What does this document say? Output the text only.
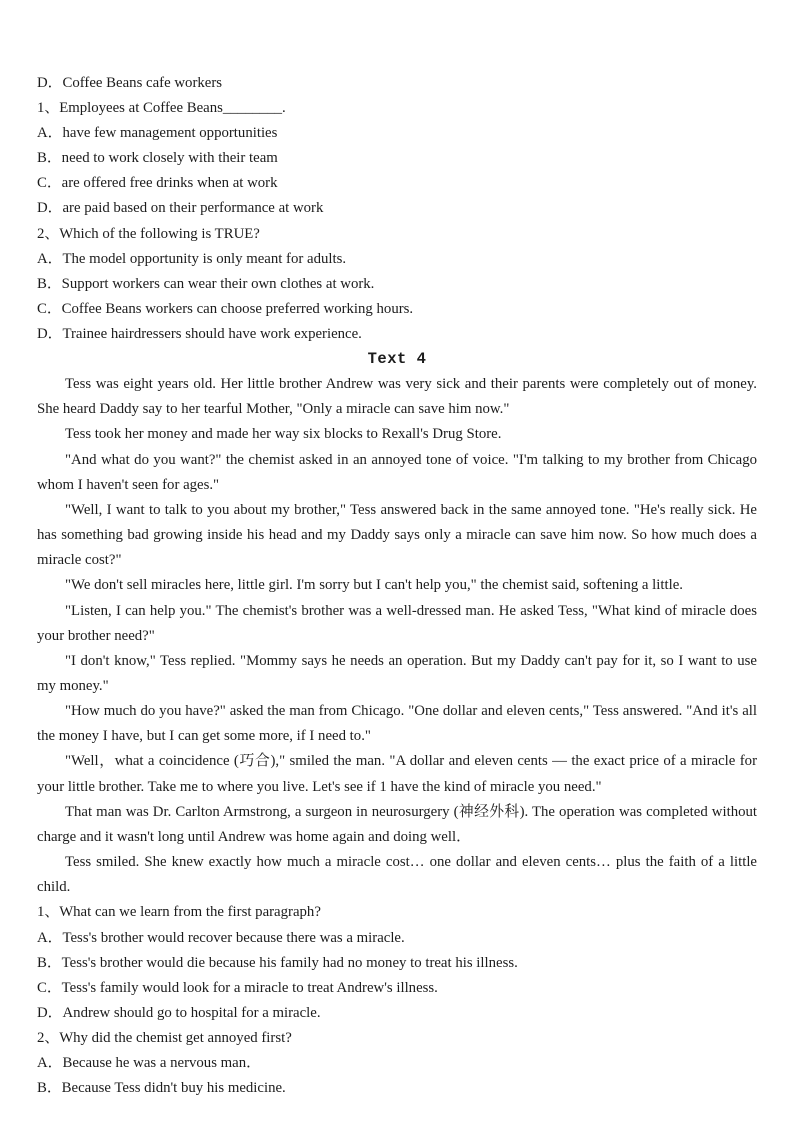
D．Coffee Beans cafe workers
1、Employees at Coffee Beans________.
A．have few management opportunities
B．need to work closely with their team
C．are offered free drinks when at work
D．are paid based on their performance at work
2、Which of the following is TRUE?
A．The model opportunity is only meant for adults.
B．Support workers can wear their own clothes at work.
C．Coffee Beans workers can choose preferred working hours.
D．Trainee hairdressers should have work experience.
Text 4

Tess was eight years old. Her little brother Andrew was very sick and their parents were completely out of money. She heard Daddy say to her tearful Mother, "Only a miracle can save him now."

Tess took her money and made her way six blocks to Rexall's Drug Store.

"And what do you want?" the chemist asked in an annoyed tone of voice. "I'm talking to my brother from Chicago whom I haven't seen for ages."

"Well, I want to talk to you about my brother," Tess answered back in the same annoyed tone. "He's really sick. He has something bad growing inside his head and my Daddy says only a miracle can save him now. So how much does a miracle cost?"

"We don't sell miracles here, little girl. I'm sorry but I can't help you," the chemist said, softening a little.

"Listen, I can help you." The chemist's brother was a well-dressed man. He asked Tess, "What kind of miracle does your brother need?"

"I don't know," Tess replied. "Mommy says he needs an operation. But my Daddy can't pay for it, so I want to use my money."

"How much do you have?" asked the man from Chicago. "One dollar and eleven cents," Tess answered. "And it's all the money I have, but I can get some more, if I need to."

"Well，what a coincidence (巧合)," smiled the man. "A dollar and eleven cents — the exact price of a miracle for your little brother. Take me to where you live. Let's see if 1 have the kind of miracle you need."

That man was Dr. Carlton Armstrong, a surgeon in neurosurgery (神经外科). The operation was completed without charge and it wasn't long until Andrew was home again and doing well．

Tess smiled. She knew exactly how much a miracle cost… one dollar and eleven cents… plus the faith of a little child.

1、What can we learn from the first paragraph?
A．Tess's brother would recover because there was a miracle.
B．Tess's brother would die because his family had no money to treat his illness.
C．Tess's family would look for a miracle to treat Andrew's illness.
D．Andrew should go to hospital for a miracle.
2、Why did the chemist get annoyed first?
A．Because he was a nervous man．
B．Because Tess didn't buy his medicine.
